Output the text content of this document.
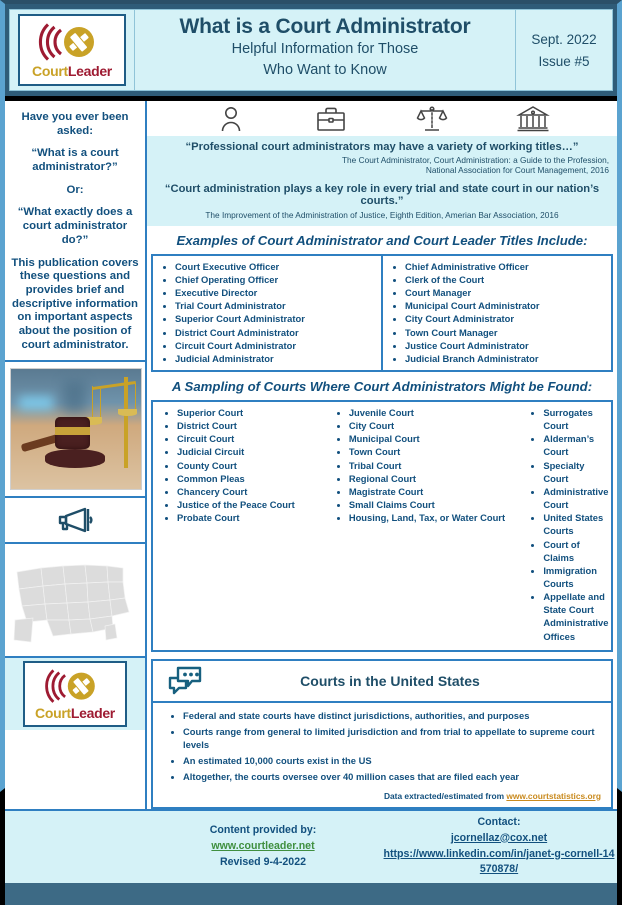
CourtLeader
What is a Court Administrator
Helpful Information for Those
Who Want to Know
Sept. 2022
Issue #5

Have you ever been asked:

“What is a court administrator?”

Or:

“What exactly does a court administrator do?”

This publication covers these questions and provides brief and descriptive information on important aspects about the position of court administrator.

CourtLeader
“Professional court administrators may have a variety of working titles…”
The Court Administrator, Court Administration: a Guide to the Profession,
National Association for Court Management, 2016
“Court administration plays a key role in every trial and state court in our nation’s courts.”
The Improvement of the Administration of Justice, Eighth Edition, Amerian Bar Association, 2016
Examples of Court Administrator and Court Leader Titles Include:
• Court Executive Officer
• Chief Operating Officer
• Executive Director
• Trial Court Administrator
• Superior Court Administrator
• District Court Administrator
• Circuit Court Administrator
• Judicial Administrator
• Chief Administrative Officer
• Clerk of the Court
• Court Manager
• Municipal Court Administrator
• City Court Administrator
• Town Court Manager
• Justice Court Administrator
• Judicial Branch Administrator
A Sampling of Courts Where Court Administrators Might be Found:
• Superior Court
• District Court
• Circuit Court
• Judicial Circuit
• County Court
• Common Pleas
• Chancery Court
• Justice of the Peace Court
• Probate Court
• Juvenile Court
• City Court
• Municipal Court
• Town Court
• Tribal Court
• Regional Court
• Magistrate Court
• Small Claims Court
• Housing, Land, Tax, or Water Court
• Surrogates Court
• Alderman’s Court
• Specialty Court
• Administrative Court
• United States Courts
• Court of Claims
• Immigration Courts
• Appellate and State Court Administrative Offices
Courts in the United States
• Federal and state courts have distinct jurisdictions, authorities, and purposes
• Courts range from general to limited jurisdiction and from trial to appellate to supreme court levels
• An estimated 10,000 courts exist in the US
• Altogether, the courts oversee over 40 million cases that are filed each year
Data extracted/estimated from www.courtstatistics.org
Content provided by:
www.courtleader.net
Revised 9-4-2022
Contact:
jcornellaz@cox.net
https://www.linkedin.com/in/janet-g-cornell-14570878/
